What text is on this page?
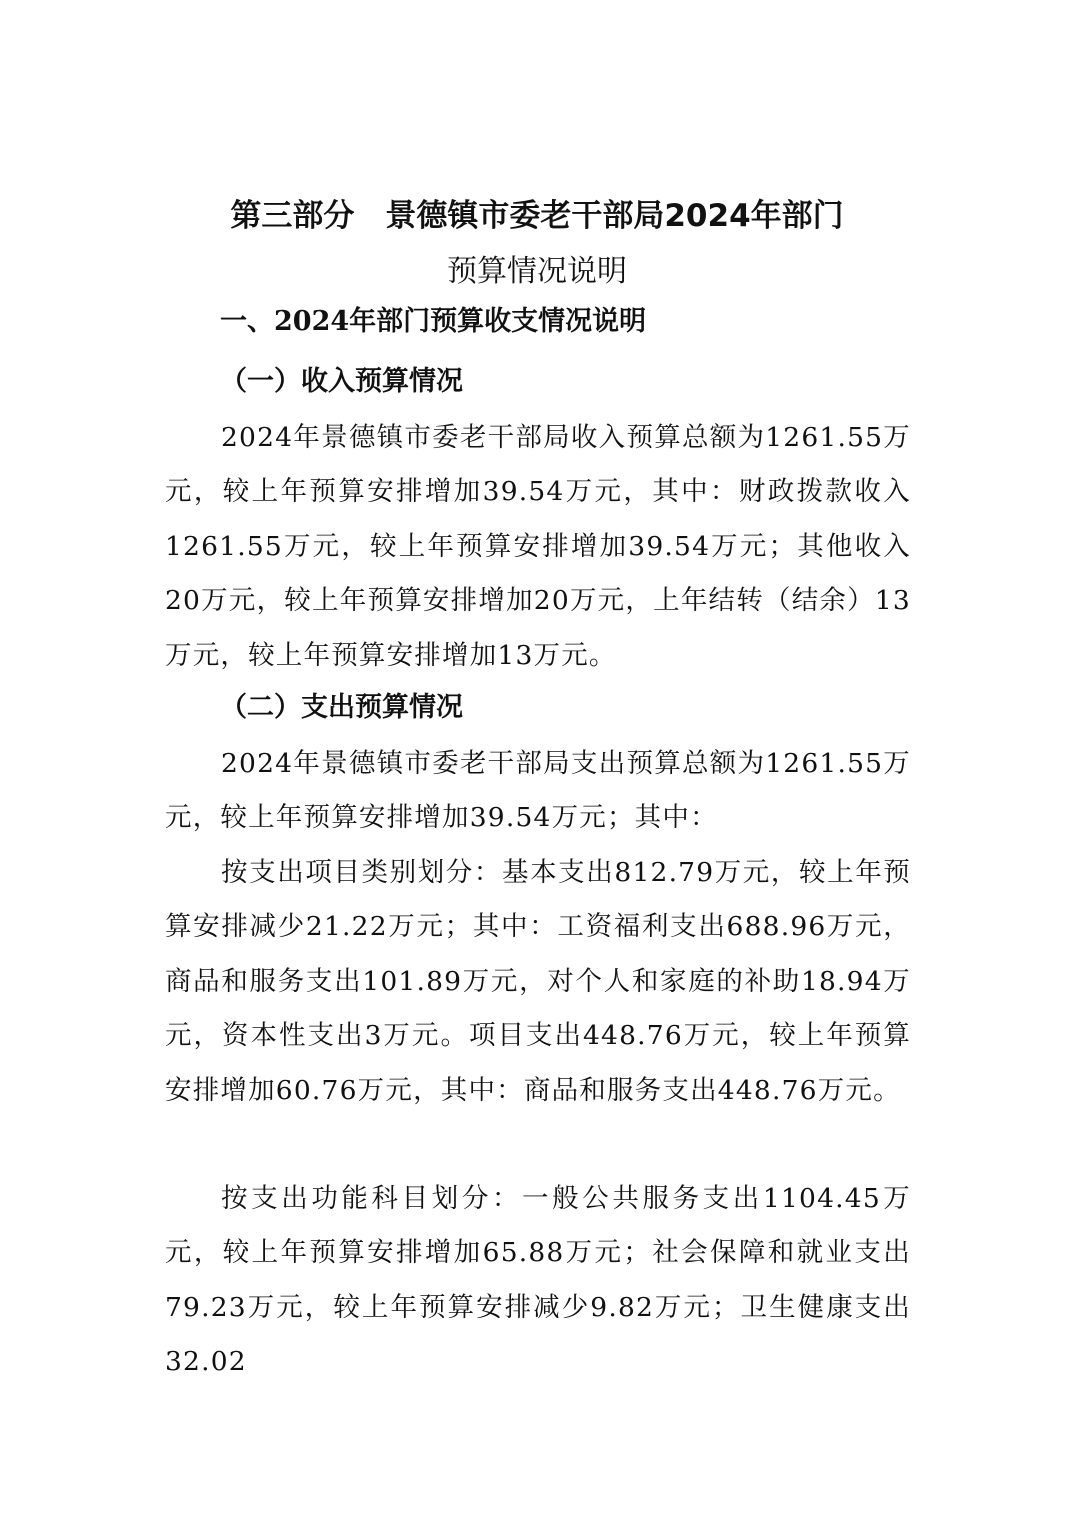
第三部分　景德镇市委老干部局2024年部门
预算情况说明
一、2024年部门预算收支情况说明
（一）收入预算情况
2024年景德镇市委老干部局收入预算总额为1261.55万元，较上年预算安排增加39.54万元，其中：财政拨款收入1261.55万元，较上年预算安排增加39.54万元；其他收入20万元，较上年预算安排增加20万元，上年结转（结余）13万元，较上年预算安排增加13万元。
（二）支出预算情况
2024年景德镇市委老干部局支出预算总额为1261.55万元，较上年预算安排增加39.54万元；其中：
按支出项目类别划分：基本支出812.79万元，较上年预算安排减少21.22万元；其中：工资福利支出688.96万元，商品和服务支出101.89万元，对个人和家庭的补助18.94万元，资本性支出3万元。项目支出448.76万元，较上年预算安排增加60.76万元，其中：商品和服务支出448.76万元。
按支出功能科目划分：一般公共服务支出1104.45万元，较上年预算安排增加65.88万元；社会保障和就业支出79.23万元，较上年预算安排减少9.82万元；卫生健康支出32.02
